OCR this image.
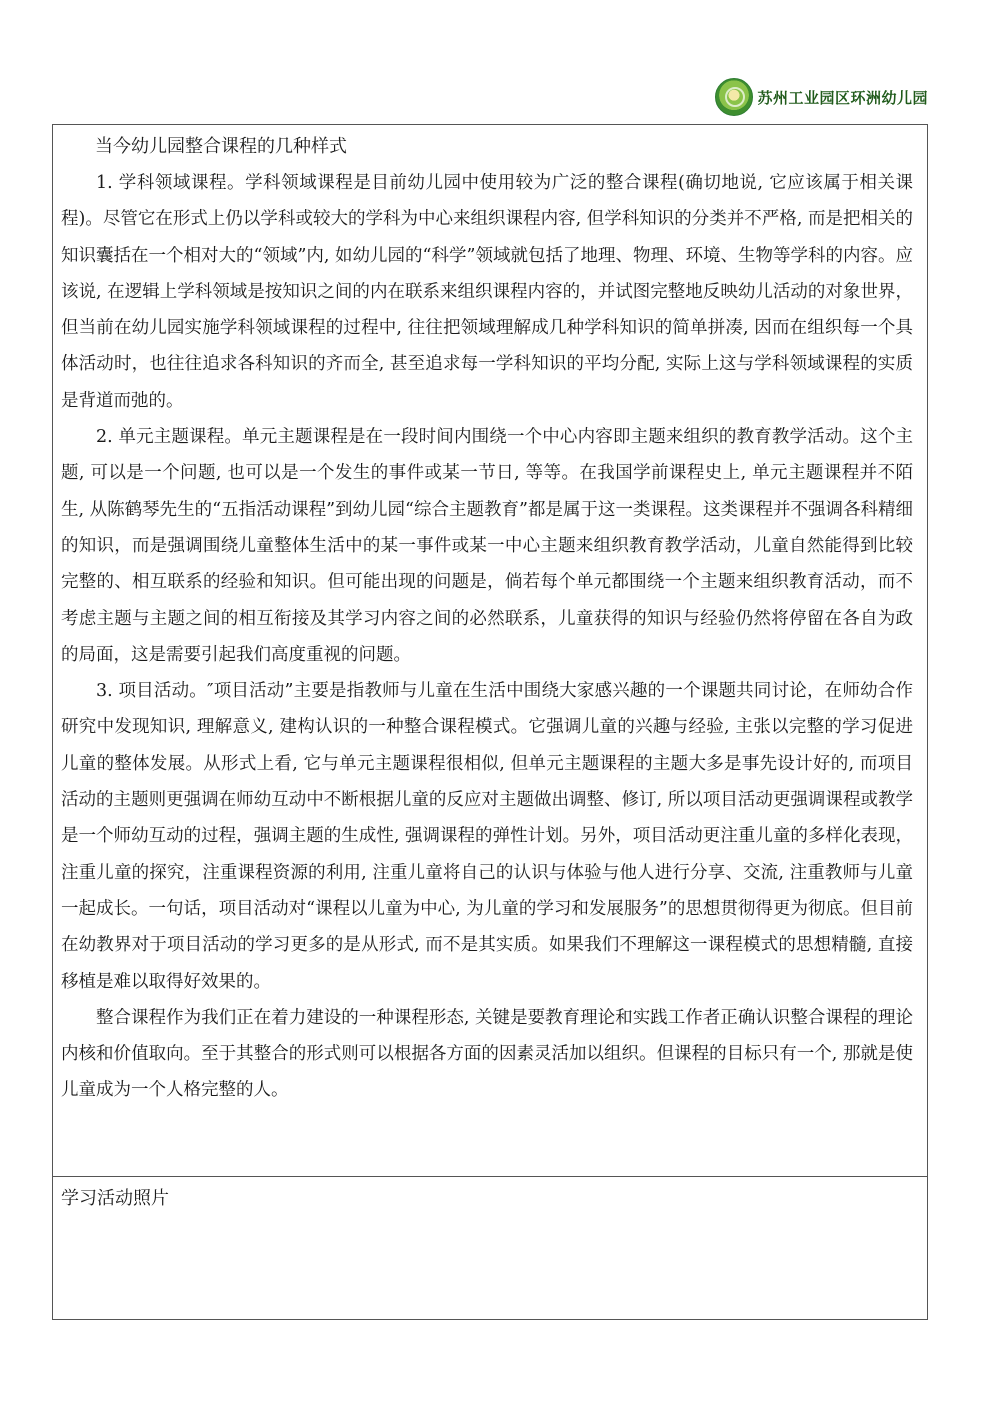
苏州工业园区环洲幼儿园
当今幼儿园整合课程的几种样式

1. 学科领域课程。学科领域课程是目前幼儿园中使用较为广泛的整合课程(确切地说, 它应该属于相关课程)。尽管它在形式上仍以学科或较大的学科为中心来组织课程内容, 但学科知识的分类并不严格, 而是把相关的知识囊括在一个相对大的“领域”内, 如幼儿园的“科学”领域就包括了地理、物理、环境、生物等学科的内容。应该说, 在逻辑上学科领域是按知识之间的内在联系来组织课程内容的，并试图完整地反映幼儿活动的对象世界，但当前在幼儿园实施学科领域课程的过程中, 往往把领域理解成几种学科知识的简单拼凑, 因而在组织每一个具体活动时，也往往追求各科知识的齐而全, 甚至追求每一学科知识的平均分配, 实际上这与学科领域课程的实质是背道而弛的。

2. 单元主题课程。单元主题课程是在一段时间内围绕一个中心内容即主题来组织的教育教学活动。这个主题, 可以是一个问题, 也可以是一个发生的事件或某一节日, 等等。在我国学前课程史上, 单元主题课程并不陌生, 从陈鹤琴先生的“五指活动课程”到幼儿园“综合主题教育”都是属于这一类课程。这类课程并不强调各科精细的知识，而是强调围绕儿童整体生活中的某一事件或某一中心主题来组织教育教学活动，儿童自然能得到比较完整的、相互联系的经验和知识。但可能出现的问题是，倘若每个单元都围绕一个主题来组织教育活动，而不考虑主题与主题之间的相互衔接及其学习内容之间的必然联系，儿童获得的知识与经验仍然将停留在各自为政的局面，这是需要引起我们高度重视的问题。

3. 项目活动。″项目活动”主要是指教师与儿童在生活中围绕大家感兴趣的一个课题共同讨论，在师幼合作研究中发现知识, 理解意义, 建构认识的一种整合课程模式。它强调儿童的兴趣与经验, 主张以完整的学习促进儿童的整体发展。从形式上看, 它与单元主题课程很相似, 但单元主题课程的主题大多是事先设计好的, 而项目活动的主题则更强调在师幼互动中不断根据儿童的反应对主题做出调整、修订, 所以项目活动更强调课程或教学是一个师幼互动的过程，强调主题的生成性, 强调课程的弹性计划。另外，项目活动更注重儿童的多样化表现，注重儿童的探究，注重课程资源的利用, 注重儿童将自己的认识与体验与他人进行分享、交流, 注重教师与儿童一起成长。一句话，项目活动对“课程以儿童为中心, 为儿童的学习和发展服务”的思想贯彻得更为彻底。但目前在幼教界对于项目活动的学习更多的是从形式, 而不是其实质。如果我们不理解这一课程模式的思想精髓, 直接移植是难以取得好效果的。

整合课程作为我们正在着力建设的一种课程形态, 关键是要教育理论和实践工作者正确认识整合课程的理论内核和价值取向。至于其整合的形式则可以根据各方面的因素灵活加以组织。但课程的目标只有一个, 那就是使儿童成为一个人格完整的人。

学习活动照片
